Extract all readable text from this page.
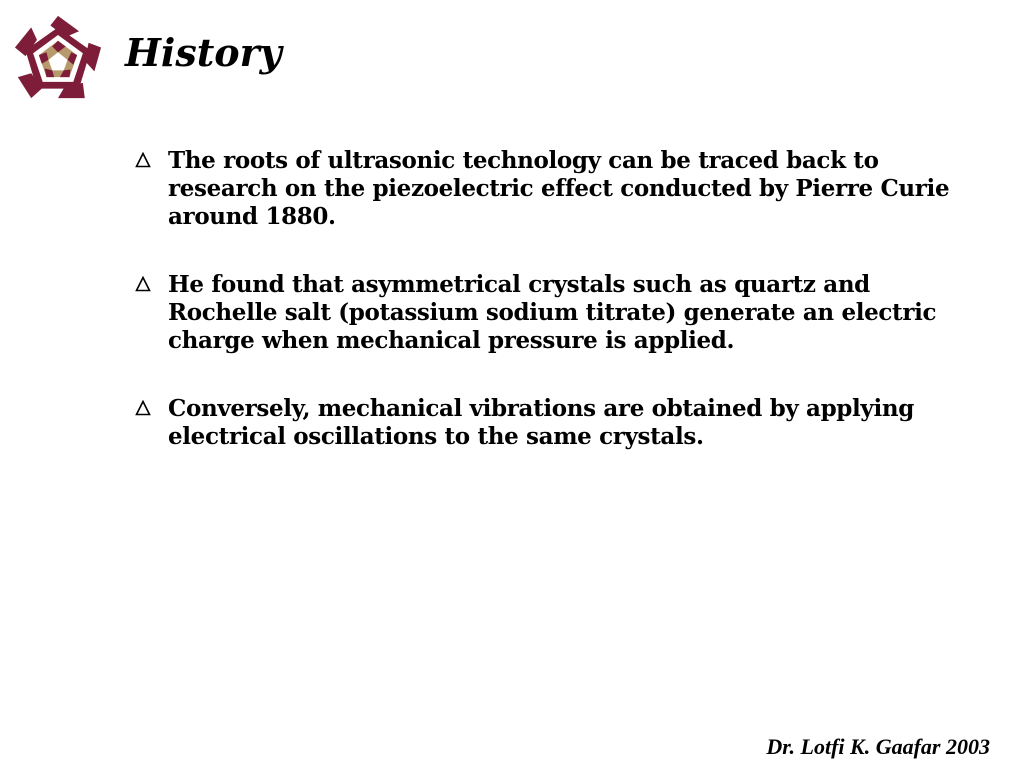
History
The roots of ultrasonic technology can be traced back to research on the piezoelectric effect conducted by Pierre Curie around 1880.
He found that asymmetrical crystals such as quartz and Rochelle salt (potassium sodium titrate) generate an electric charge when mechanical pressure is applied.
Conversely, mechanical vibrations are obtained by applying electrical oscillations to the same crystals.
Dr. Lotfi K. Gaafar 2003
